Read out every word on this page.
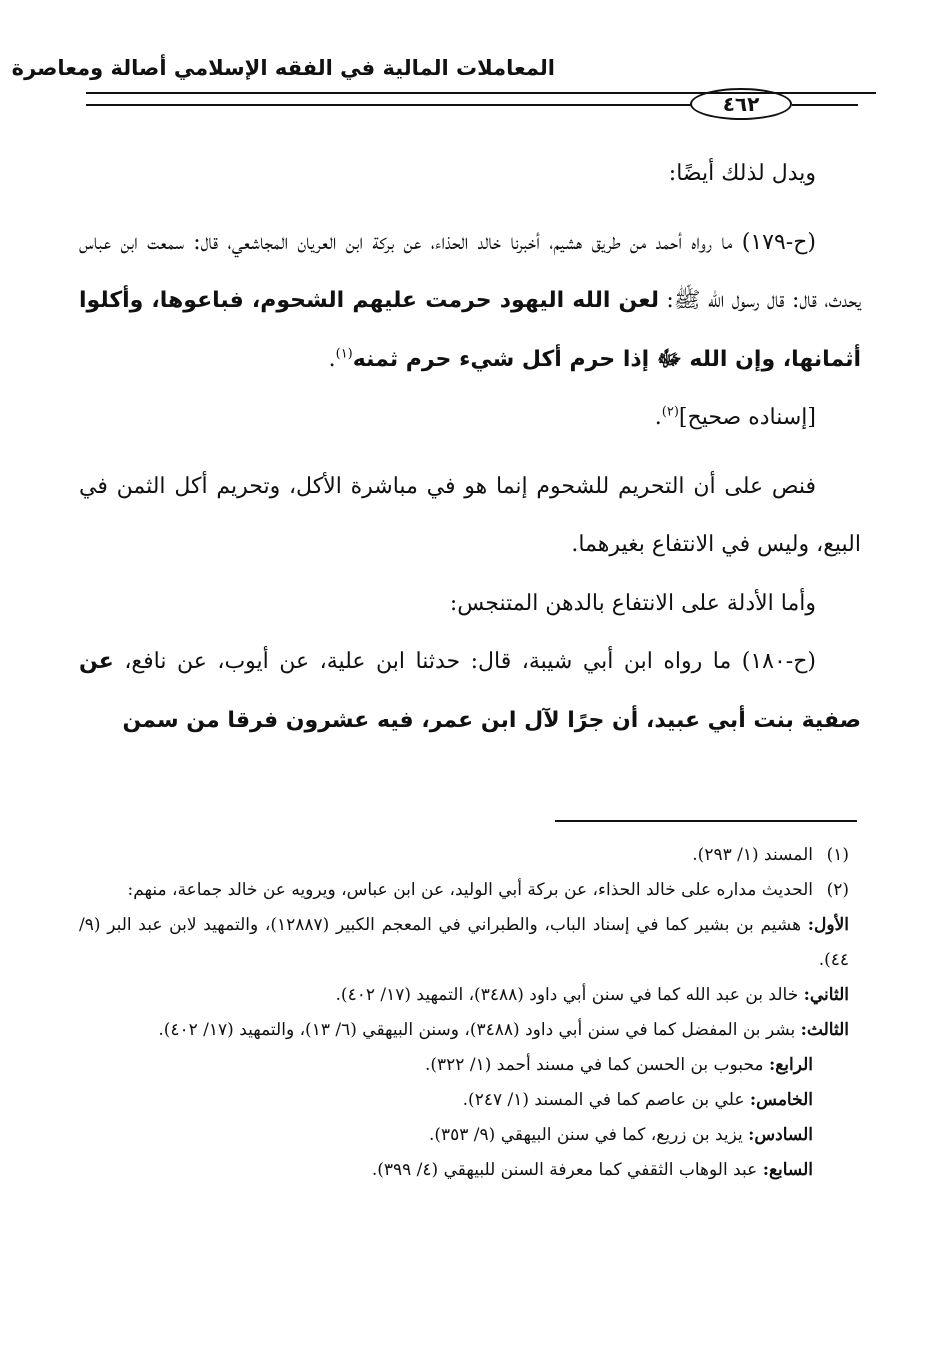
المعاملات المالية في الفقه الإسلامي أصالة ومعاصرة
٤٦٢

ويدل لذلك أيضًا:

(ح-١٧٩) ما رواه أحمد من طريق هشيم، أخبرنا خالد الحذاء، عن بركة ابن العريان المجاشعي، قال: سمعت ابن عباس يحدث، قال: قال رسول الله ﷺ: لعن الله اليهود حرمت عليهم الشحوم، فباعوها، وأكلوا أثمانها، وإن الله ﷻ إذا حرم أكل شيء حرم ثمنه$^{(١)}$.

[إسناده صحيح]$^{(٢)}$.

فنص على أن التحريم للشحوم إنما هو في مباشرة الأكل، وتحريم أكل الثمن في البيع، وليس في الانتفاع بغيرهما.

وأما الأدلة على الانتفاع بالدهن المتنجس:

(ح-١٨٠) ما رواه ابن أبي شيبة، قال: حدثنا ابن علية، عن أيوب، عن نافع، عن صفية بنت أبي عبيد، أن جرًا لآل ابن عمر، فيه عشرون فرقا من سمن

(١)
المسند (١/ ٢٩٣).
(٢)
الحديث مداره على خالد الحذاء، عن بركة أبي الوليد، عن ابن عباس، ويرويه عن خالد جماعة، منهم:
الأول: هشيم بن بشير كما في إسناد الباب، والطبراني في المعجم الكبير (١٢٨٨٧)، والتمهيد لابن عبد البر (٩/ ٤٤).
الثاني: خالد بن عبد الله كما في سنن أبي داود (٣٤٨٨)، التمهيد (١٧/ ٤٠٢).
الثالث: بشر بن المفضل كما في سنن أبي داود (٣٤٨٨)، وسنن البيهقي (٦/ ١٣)، والتمهيد (١٧/ ٤٠٢).
الرابع: محبوب بن الحسن كما في مسند أحمد (١/ ٣٢٢).
الخامس: علي بن عاصم كما في المسند (١/ ٢٤٧).
السادس: يزيد بن زريع، كما في سنن البيهقي (٩/ ٣٥٣).
السابع: عبد الوهاب الثقفي كما معرفة السنن للبيهقي (٤/ ٣٩٩).
